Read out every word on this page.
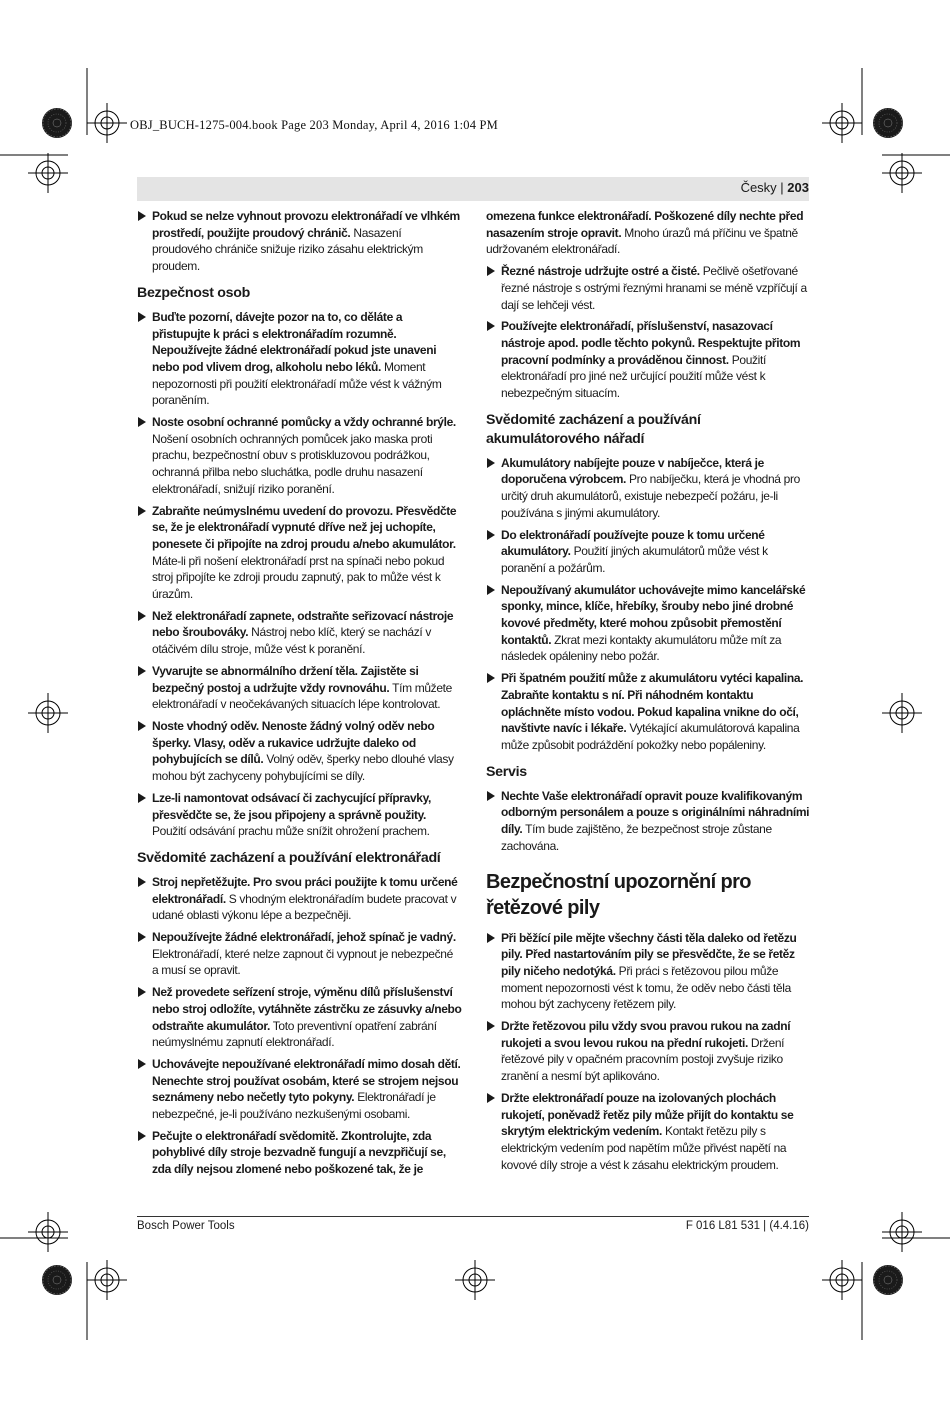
OBJ_BUCH-1275-004.book Page 203 Monday, April 4, 2016 1:04 PM
Česky | 203
Pokud se nelze vyhnout provozu elektronářadí ve vlhkém prostředí, použijte proudový chránič. Nasazení proudového chrániče snižuje riziko zásahu elektrickým proudem.
Bezpečnost osob
Buďte pozorní, dávejte pozor na to, co děláte a přistupujte k práci s elektronářadím rozumně. Nepoužívejte žádné elektronářadí pokud jste unaveni nebo pod vlivem drog, alkoholu nebo léků. Moment nepozornosti při použití elektronářadí může vést k vážným poraněním.
Noste osobní ochranné pomůcky a vždy ochranné brýle. Nošení osobních ochranných pomůcek jako maska proti prachu, bezpečnostní obuv s protiskluzovou podrážkou, ochranná přilba nebo sluchátka, podle druhu nasazení elektronářadí, snižují riziko poranění.
Zabraňte neúmyslnému uvedení do provozu. Přesvědčte se, že je elektronářadí vypnuté dříve než jej uchopíte, ponesete či připojíte na zdroj proudu a/nebo akumulátor. Máte-li při nošení elektronářadí prst na spínači nebo pokud stroj připojíte ke zdroji proudu zapnutý, pak to může vést k úrazům.
Než elektronářadí zapnete, odstraňte seřizovací nástroje nebo šroubováky. Nástroj nebo klíč, který se nachází v otáčivém dílu stroje, může vést k poranění.
Vyvarujte se abnormálního držení těla. Zajistěte si bezpečný postoj a udržujte vždy rovnováhu. Tím můžete elektronářadí v neočekávaných situacích lépe kontrolovat.
Noste vhodný oděv. Nenoste žádný volný oděv nebo šperky. Vlasy, oděv a rukavice udržujte daleko od pohybujících se dílů. Volný oděv, šperky nebo dlouhé vlasy mohou být zachyceny pohybujícími se díly.
Lze-li namontovat odsávací či zachycující přípravky, přesvědčte se, že jsou připojeny a správně použity. Použití odsávání prachu může snížit ohrožení prachem.
Svědomité zacházení a používání elektronářadí
Stroj nepřetěžujte. Pro svou práci použijte k tomu určené elektronářadí. S vhodným elektronářadím budete pracovat v udané oblasti výkonu lépe a bezpečněji.
Nepoužívejte žádné elektronářadí, jehož spínač je vadný. Elektronářadí, které nelze zapnout či vypnout je nebezpečné a musí se opravit.
Než provedete seřízení stroje, výměnu dílů příslušenství nebo stroj odložíte, vytáhněte zástrčku ze zásuvky a/nebo odstraňte akumulátor. Toto preventivní opatření zabrání neúmyslnému zapnutí elektronářadí.
Uchovávejte nepoužívané elektronářadí mimo dosah dětí. Nenechte stroj používat osobám, které se strojem nejsou seznámeny nebo nečetly tyto pokyny. Elektronářadí je nebezpečné, je-li používáno nezkušenými osobami.
Pečujte o elektronářadí svědomitě. Zkontrolujte, zda pohyblivé díly stroje bezvadně fungují a nevzpřičují se, zda díly nejsou zlomené nebo poškozené tak, že je
omezena funkce elektronářadí. Poškozené díly nechte před nasazením stroje opravit. Mnoho úrazů má příčinu ve špatně udržovaném elektronářadí.
Řezné nástroje udržujte ostré a čisté. Pečlivě ošetřované řezné nástroje s ostrými řeznými hranami se méně vzpříčují a dají se lehčeji vést.
Používejte elektronářadí, příslušenství, nasazovací nástroje apod. podle těchto pokynů. Respektujte přitom pracovní podmínky a prováděnou činnost. Použití elektronářadí pro jiné než určující použití může vést k nebezpečným situacím.
Svědomité zacházení a používání akumulátorového nářadí
Akumulátory nabíjejte pouze v nabíječce, která je doporučena výrobcem. Pro nabíječku, která je vhodná pro určitý druh akumulátorů, existuje nebezpečí požáru, je-li používána s jinými akumulátory.
Do elektronářadí používejte pouze k tomu určené akumulátory. Použití jiných akumulátorů může vést k poranění a požárům.
Nepoužívaný akumulátor uchovávejte mimo kancelářské sponky, mince, klíče, hřebíky, šrouby nebo jiné drobné kovové předměty, které mohou způsobit přemostění kontaktů. Zkrat mezi kontakty akumulátoru může mít za následek opáleniny nebo požár.
Při špatném použití může z akumulátoru vytéci kapalina. Zabraňte kontaktu s ní. Při náhodném kontaktu opláchněte místo vodou. Pokud kapalina vnikne do očí, navštivte navíc i lékaře. Vytékající akumulátorová kapalina může způsobit podráždění pokožky nebo popáleniny.
Servis
Nechte Vaše elektronářadí opravit pouze kvalifikovaným odborným personálem a pouze s originálními náhradními díly. Tím bude zajištěno, že bezpečnost stroje zůstane zachována.
Bezpečnostní upozornění pro řetězové pily
Při běžící pile mějte všechny části těla daleko od řetězu pily. Před nastartováním pily se přesvědčte, že se řetěz pily ničeho nedotýká. Při práci s řetězovou pilou může moment nepozornosti vést k tomu, že oděv nebo části těla mohou být zachyceny řetězem pily.
Držte řetězovou pilu vždy svou pravou rukou na zadní rukojeti a svou levou rukou na přední rukojeti. Držení řetězové pily v opačném pracovním postoji zvyšuje riziko zranění a nesmí být aplikováno.
Držte elektronářadí pouze na izolovaných plochách rukojetí, poněvadž řetěz pily může přijít do kontaktu se skrytým elektrickým vedením. Kontakt řetězu pily s elektrickým vedením pod napětím může přivést napětí na kovové díly stroje a vést k zásahu elektrickým proudem.
Bosch Power Tools	F 016 L81 531 | (4.4.16)
